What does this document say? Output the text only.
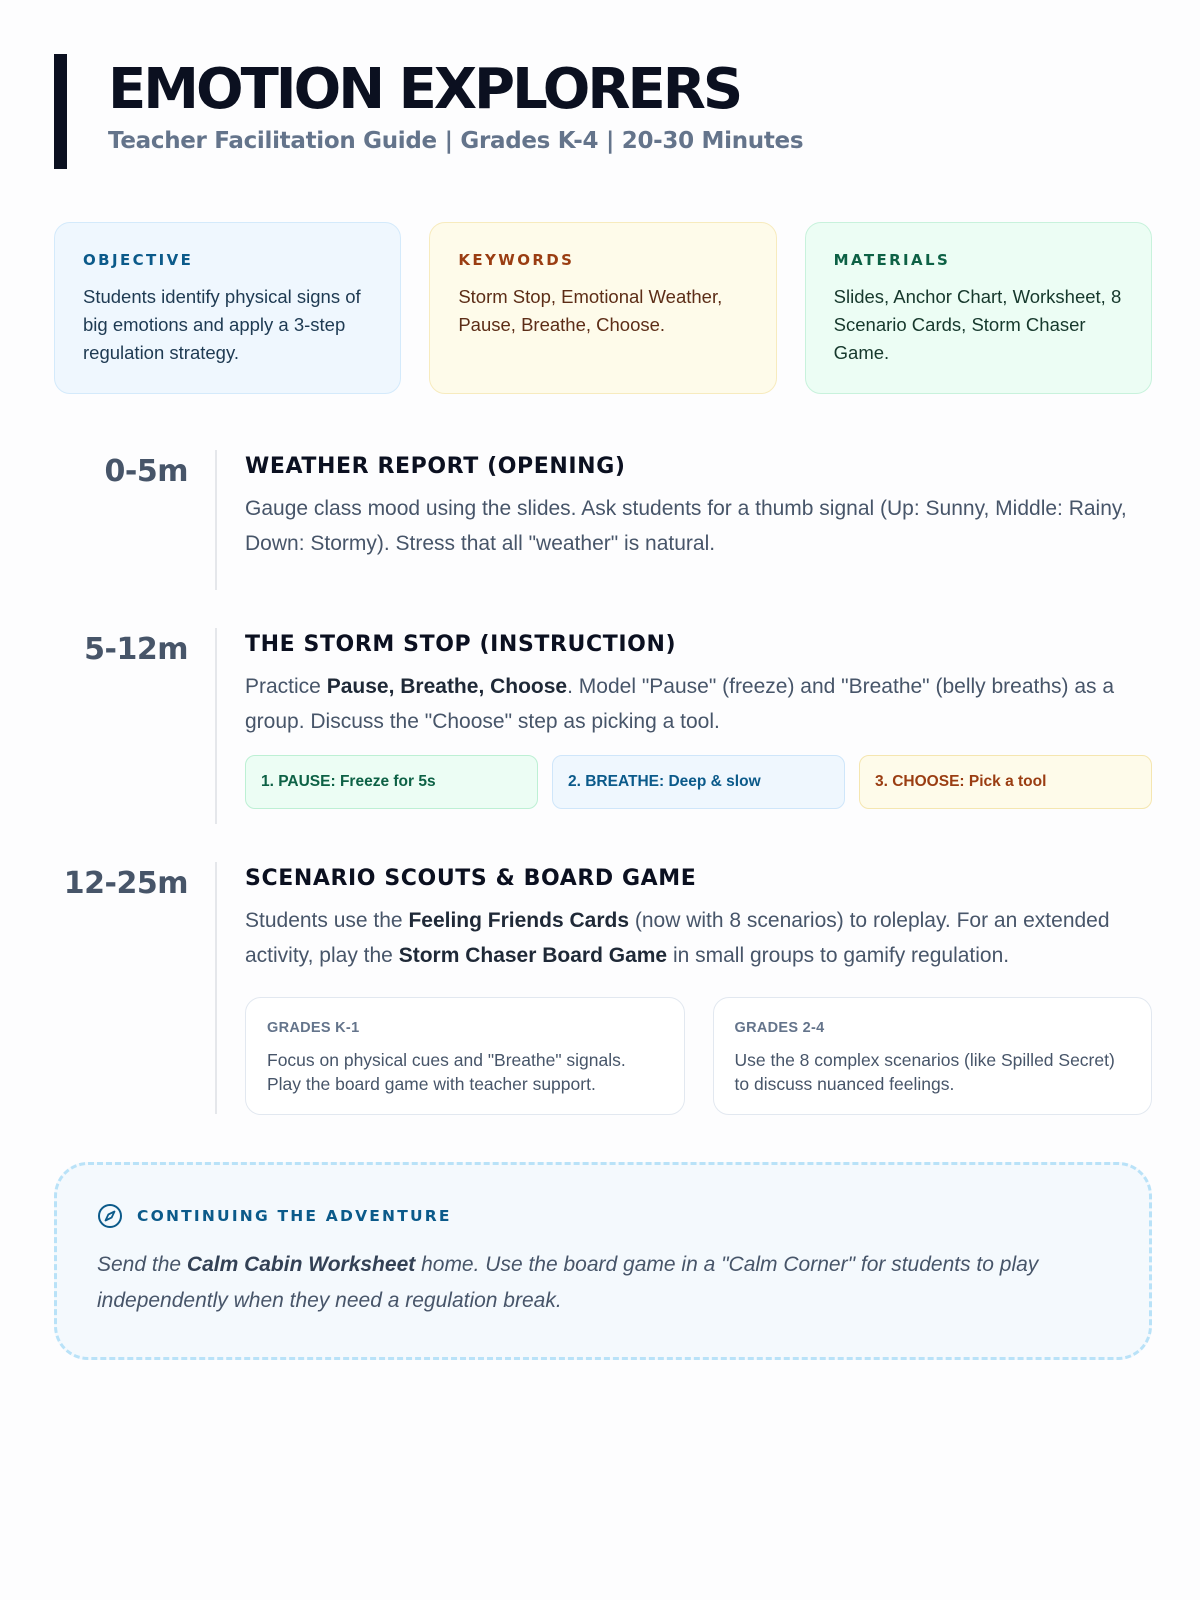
EMOTION EXPLORERS
Teacher Facilitation Guide | Grades K-4 | 20-30 Minutes
OBJECTIVE
Students identify physical signs of big emotions and apply a 3-step regulation strategy.
KEYWORDS
Storm Stop, Emotional Weather, Pause, Breathe, Choose.
MATERIALS
Slides, Anchor Chart, Worksheet, 8 Scenario Cards, Storm Chaser Game.
0-5m	WEATHER REPORT (OPENING)
Gauge class mood using the slides. Ask students for a thumb signal (Up: Sunny, Middle: Rainy, Down: Stormy). Stress that all "weather" is natural.
5-12m	THE STORM STOP (INSTRUCTION)
Practice Pause, Breathe, Choose. Model "Pause" (freeze) and "Breathe" (belly breaths) as a group. Discuss the "Choose" step as picking a tool.
1. PAUSE: Freeze for 5s	2. BREATHE: Deep & slow	3. CHOOSE: Pick a tool
12-25m	SCENARIO SCOUTS & BOARD GAME
Students use the Feeling Friends Cards (now with 8 scenarios) to roleplay. For an extended activity, play the Storm Chaser Board Game in small groups to gamify regulation.
GRADES K-1
Focus on physical cues and "Breathe" signals. Play the board game with teacher support.
GRADES 2-4
Use the 8 complex scenarios (like Spilled Secret) to discuss nuanced feelings.
CONTINUING THE ADVENTURE
Send the Calm Cabin Worksheet home. Use the board game in a "Calm Corner" for students to play independently when they need a regulation break.
